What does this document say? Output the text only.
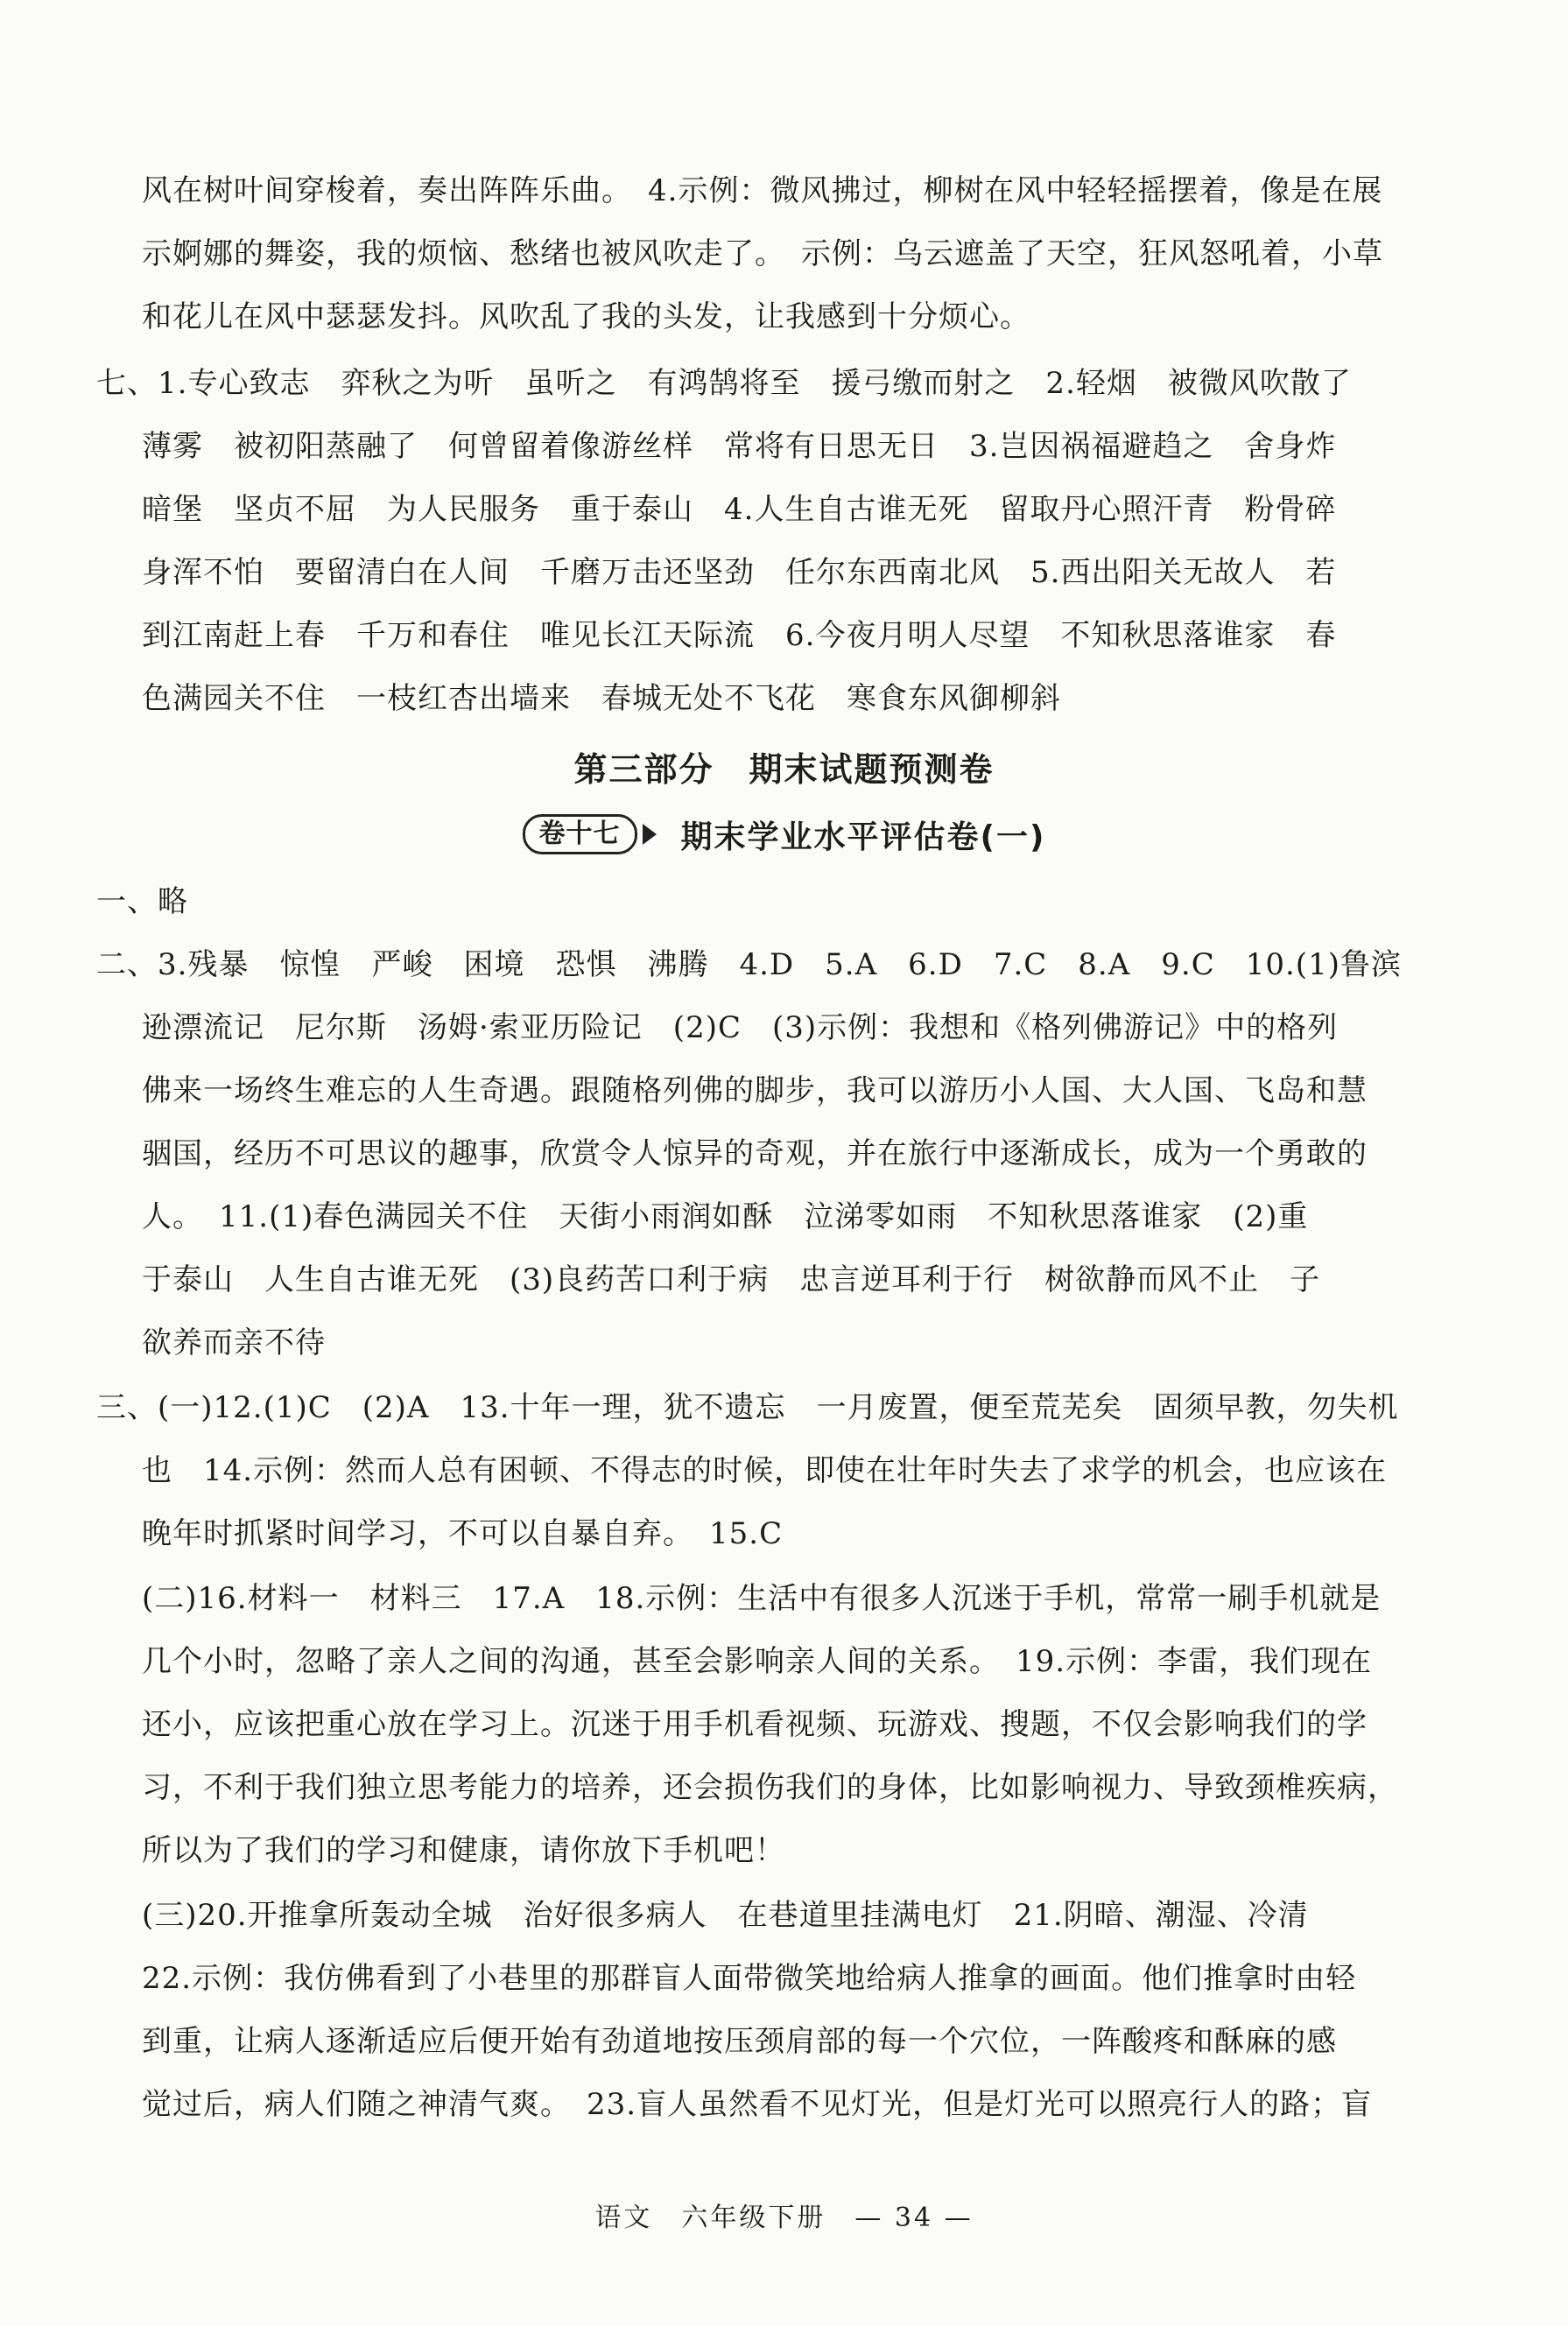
风在树叶间穿梭着，奏出阵阵乐曲。　4.示例：微风拂过，柳树在风中轻轻摇摆着，像是在展
示婀娜的舞姿，我的烦恼、愁绪也被风吹走了。　示例：乌云遮盖了天空，狂风怒吼着，小草
和花儿在风中瑟瑟发抖。风吹乱了我的头发，让我感到十分烦心。
七、1.专心致志　弈秋之为听　虽听之　有鸿鹄将至　援弓缴而射之　2.轻烟　被微风吹散了
薄雾　被初阳蒸融了　何曾留着像游丝样　常将有日思无日　3.岂因祸福避趋之　舍身炸
暗堡　坚贞不屈　为人民服务　重于泰山　4.人生自古谁无死　留取丹心照汗青　粉骨碎
身浑不怕　要留清白在人间　千磨万击还坚劲　任尔东西南北风　5.西出阳关无故人　若
到江南赶上春　千万和春住　唯见长江天际流　6.今夜月明人尽望　不知秋思落谁家　春
色满园关不住　一枝红杏出墙来　春城无处不飞花　寒食东风御柳斜
第三部分　期末试题预测卷
卷十七	期末学业水平评估卷(一)
一、略
二、3.残暴　惊惶　严峻　困境　恐惧　沸腾　4.D　5.A　6.D　7.C　8.A　9.C　10.(1)鲁滨
逊漂流记　尼尔斯　汤姆·索亚历险记　(2)C　(3)示例：我想和《格列佛游记》中的格列
佛来一场终生难忘的人生奇遇。跟随格列佛的脚步，我可以游历小人国、大人国、飞岛和慧
骃国，经历不可思议的趣事，欣赏令人惊异的奇观，并在旅行中逐渐成长，成为一个勇敢的
人。　11.(1)春色满园关不住　天街小雨润如酥　泣涕零如雨　不知秋思落谁家　(2)重
于泰山　人生自古谁无死　(3)良药苦口利于病　忠言逆耳利于行　树欲静而风不止　子
欲养而亲不待
三、(一)12.(1)C　(2)A　13.十年一理，犹不遗忘　一月废置，便至荒芜矣　固须早教，勿失机
也　14.示例：然而人总有困顿、不得志的时候，即使在壮年时失去了求学的机会，也应该在
晚年时抓紧时间学习，不可以自暴自弃。　15.C
(二)16.材料一　材料三　17.A　18.示例：生活中有很多人沉迷于手机，常常一刷手机就是
几个小时，忽略了亲人之间的沟通，甚至会影响亲人间的关系。　19.示例：李雷，我们现在
还小，应该把重心放在学习上。沉迷于用手机看视频、玩游戏、搜题，不仅会影响我们的学
习，不利于我们独立思考能力的培养，还会损伤我们的身体，比如影响视力、导致颈椎疾病，
所以为了我们的学习和健康，请你放下手机吧！
(三)20.开推拿所轰动全城　治好很多病人　在巷道里挂满电灯　21.阴暗、潮湿、冷清
22.示例：我仿佛看到了小巷里的那群盲人面带微笑地给病人推拿的画面。他们推拿时由轻
到重，让病人逐渐适应后便开始有劲道地按压颈肩部的每一个穴位，一阵酸疼和酥麻的感
觉过后，病人们随之神清气爽。　23.盲人虽然看不见灯光，但是灯光可以照亮行人的路；盲
语文　六年级下册　— 34 —
